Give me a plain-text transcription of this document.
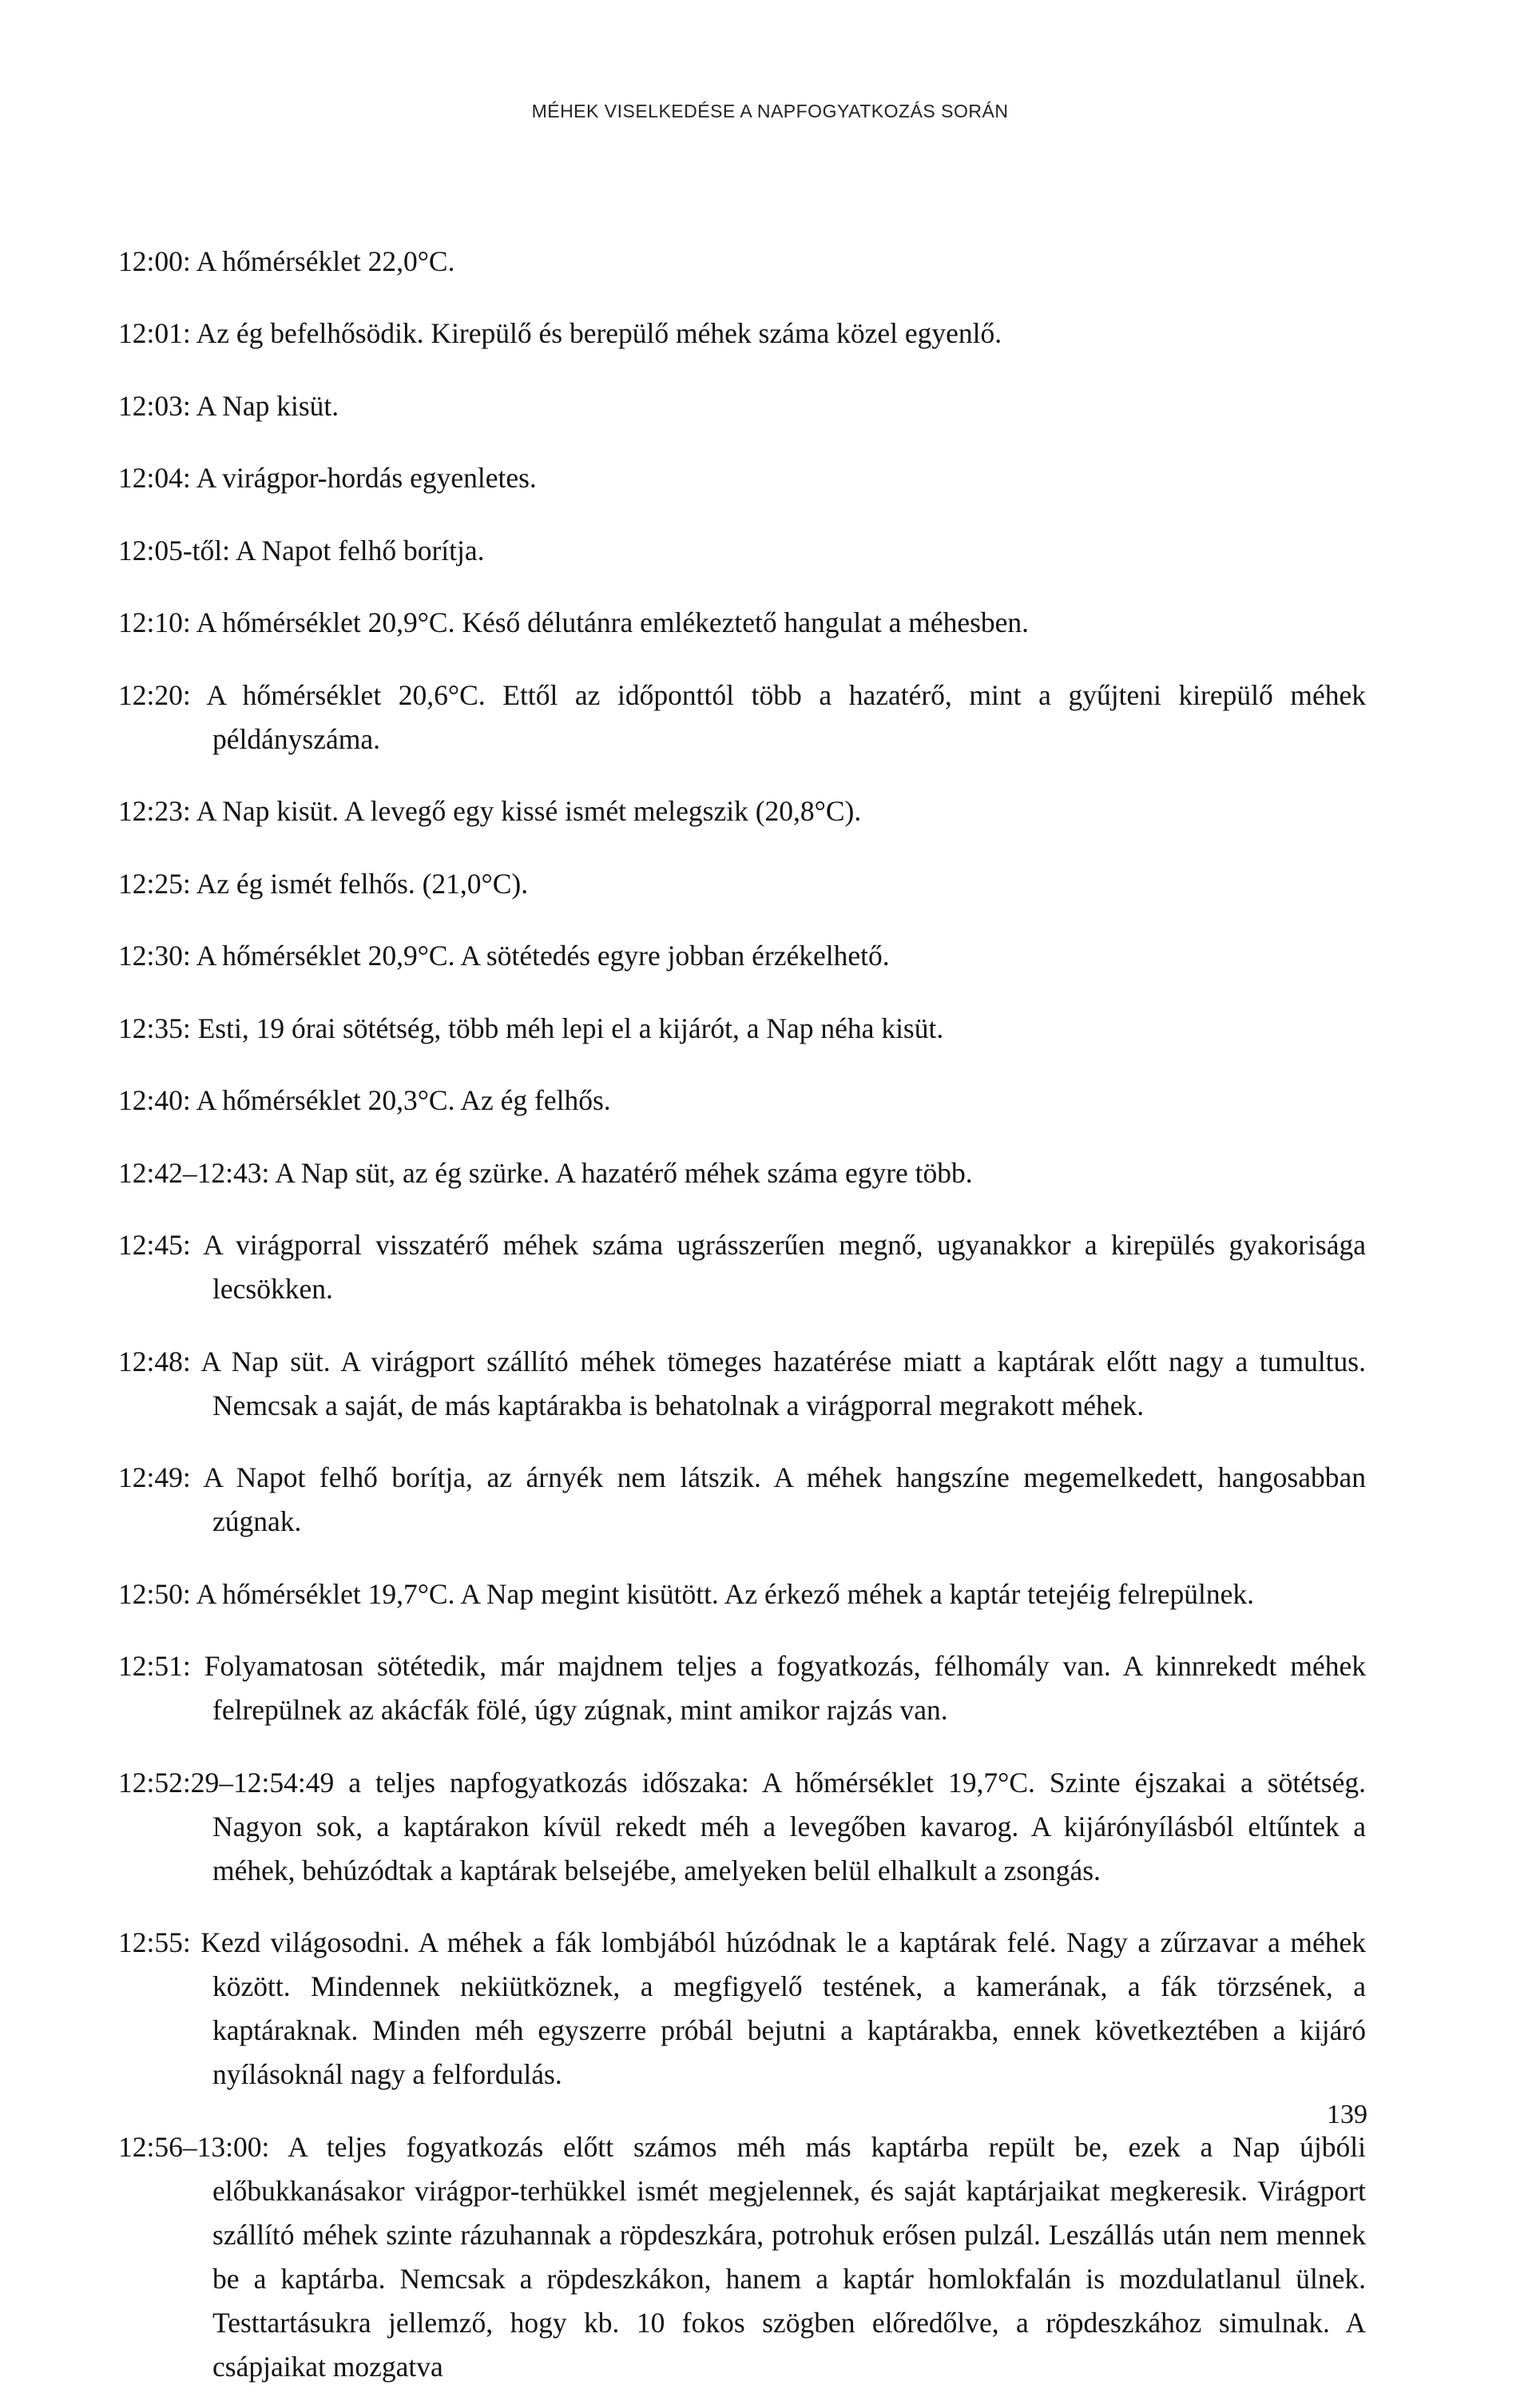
MÉHEK VISELKEDÉSE A NAPFOGYATKOZÁS SORÁN

12:00: A hőmérséklet 22,0°C.

12:01: Az ég befelhősödik. Kirepülő és berepülő méhek száma közel egyenlő.

12:03: A Nap kisüt.

12:04: A virágpor-hordás egyenletes.

12:05-től: A Napot felhő borítja.

12:10: A hőmérséklet 20,9°C. Késő délutánra emlékeztető hangulat a méhesben.

12:20: A hőmérséklet 20,6°C. Ettől az időponttól több a hazatérő, mint a gyűjteni kirepülő méhek példányszáma.

12:23: A Nap kisüt. A levegő egy kissé ismét melegszik (20,8°C).

12:25: Az ég ismét felhős. (21,0°C).

12:30: A hőmérséklet 20,9°C. A sötétedés egyre jobban érzékelhető.

12:35: Esti, 19 órai sötétség, több méh lepi el a kijárót, a Nap néha kisüt.

12:40: A hőmérséklet 20,3°C. Az ég felhős.

12:42–12:43: A Nap süt, az ég szürke. A hazatérő méhek száma egyre több.

12:45: A virágporral visszatérő méhek száma ugrásszerűen megnő, ugyanakkor a kirepülés gyakorisága lecsökken.

12:48: A Nap süt. A virágport szállító méhek tömeges hazatérése miatt a kaptárak előtt nagy a tumultus. Nemcsak a saját, de más kaptárakba is behatolnak a virágporral megrakott méhek.

12:49: A Napot felhő borítja, az árnyék nem látszik. A méhek hangszíne megemelkedett, hangosabban zúgnak.

12:50: A hőmérséklet 19,7°C. A Nap megint kisütött. Az érkező méhek a kaptár tetejéig felrepülnek.

12:51: Folyamatosan sötétedik, már majdnem teljes a fogyatkozás, félhomály van. A kinnrekedt méhek felrepülnek az akácfák fölé, úgy zúgnak, mint amikor rajzás van.

12:52:29–12:54:49 a teljes napfogyatkozás időszaka: A hőmérséklet 19,7°C. Szinte éjszakai a sötétség. Nagyon sok, a kaptárakon kívül rekedt méh a levegőben kavarog. A kijárónyílásból eltűntek a méhek, behúzódtak a kaptárak belsejébe, amelyeken belül elhalkult a zsongás.

12:55: Kezd világosodni. A méhek a fák lombjából húzódnak le a kaptárak felé. Nagy a zűrzavar a méhek között. Mindennek nekiütköznek, a megfigyelő testének, a kamerának, a fák törzsének, a kaptáraknak. Minden méh egyszerre próbál bejutni a kaptárakba, ennek következtében a kijáró nyílásoknál nagy a felfordulás.

12:56–13:00: A teljes fogyatkozás előtt számos méh más kaptárba repült be, ezek a Nap újbóli előbukkanásakor virágpor-terhükkel ismét megjelennek, és saját kaptárjaikat megkeresik. Virágport szállító méhek szinte rázuhannak a röpdeszkára, potrohuk erősen pulzál. Leszállás után nem mennek be a kaptárba. Nemcsak a röpdeszkákon, hanem a kaptár homlokfalán is mozdulatlanul ülnek. Testtartásukra jellemző, hogy kb. 10 fokos szögben előredőlve, a röpdeszkához simulnak. A csápjaikat mozgatva

139
